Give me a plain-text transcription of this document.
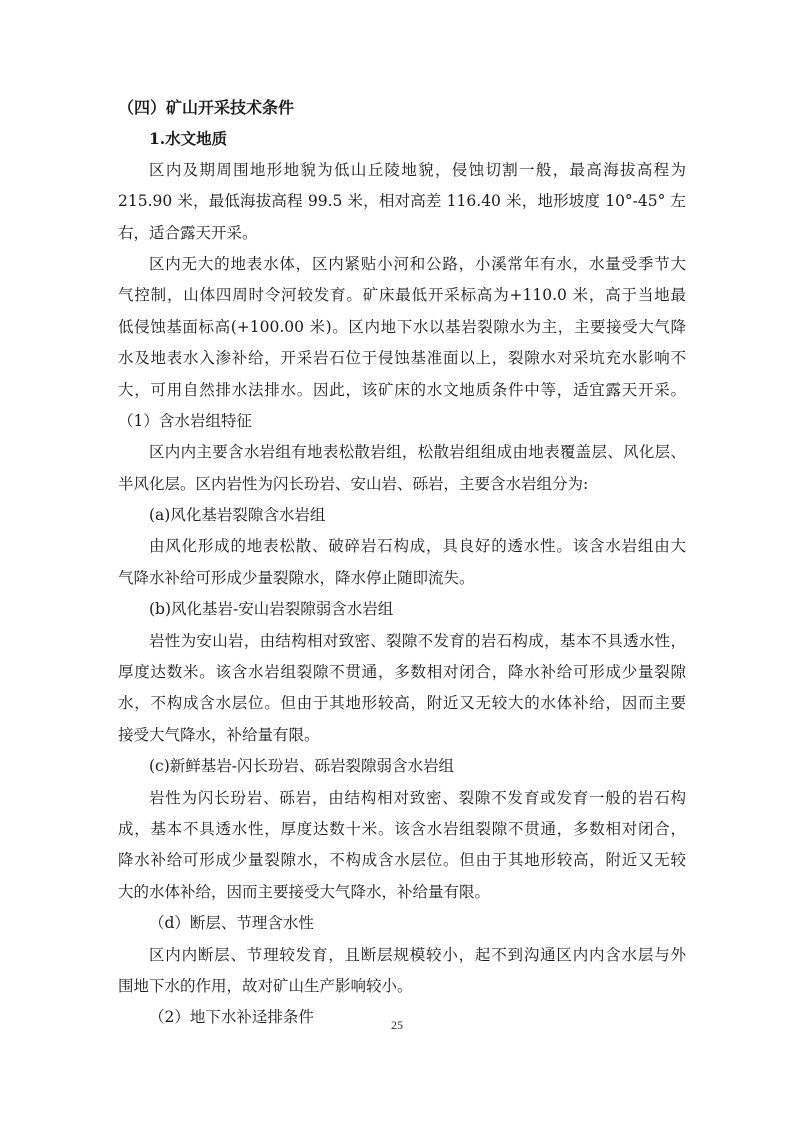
（四）矿山开采技术条件
1.水文地质
区内及期周围地形地貌为低山丘陵地貌，侵蚀切割一般，最高海拔高程为
215.90 米，最低海拔高程 99.5 米，相对高差 116.40 米，地形坡度 10°-45° 左
右，适合露天开采。
区内无大的地表水体，区内紧贴小河和公路，小溪常年有水，水量受季节大
气控制，山体四周时令河较发育。矿床最低开采标高为+110.0 米，高于当地最
低侵蚀基面标高(+100.00 米)。区内地下水以基岩裂隙水为主，主要接受大气降
水及地表水入渗补给，开采岩石位于侵蚀基准面以上，裂隙水对采坑充水影响不
大，可用自然排水法排水。因此，该矿床的水文地质条件中等，适宜露天开采。
（1）含水岩组特征
区内内主要含水岩组有地表松散岩组，松散岩组组成由地表覆盖层、风化层、
半风化层。区内岩性为闪长玢岩、安山岩、砾岩，主要含水岩组分为:
(a)风化基岩裂隙含水岩组
由风化形成的地表松散、破碎岩石构成，具良好的透水性。该含水岩组由大
气降水补给可形成少量裂隙水，降水停止随即流失。
(b)风化基岩-安山岩裂隙弱含水岩组
岩性为安山岩，由结构相对致密、裂隙不发育的岩石构成，基本不具透水性，
厚度达数米。该含水岩组裂隙不贯通，多数相对闭合，降水补给可形成少量裂隙
水，不构成含水层位。但由于其地形较高，附近又无较大的水体补给，因而主要
接受大气降水，补给量有限。
(c)新鲜基岩-闪长玢岩、砾岩裂隙弱含水岩组
岩性为闪长玢岩、砾岩，由结构相对致密、裂隙不发育或发育一般的岩石构
成，基本不具透水性，厚度达数十米。该含水岩组裂隙不贯通，多数相对闭合，
降水补给可形成少量裂隙水，不构成含水层位。但由于其地形较高，附近又无较
大的水体补给，因而主要接受大气降水，补给量有限。
（d）断层、节理含水性
区内内断层、节理较发育，且断层规模较小，起不到沟通区内内含水层与外
围地下水的作用，故对矿山生产影响较小。
（2）地下水补迳排条件	25
